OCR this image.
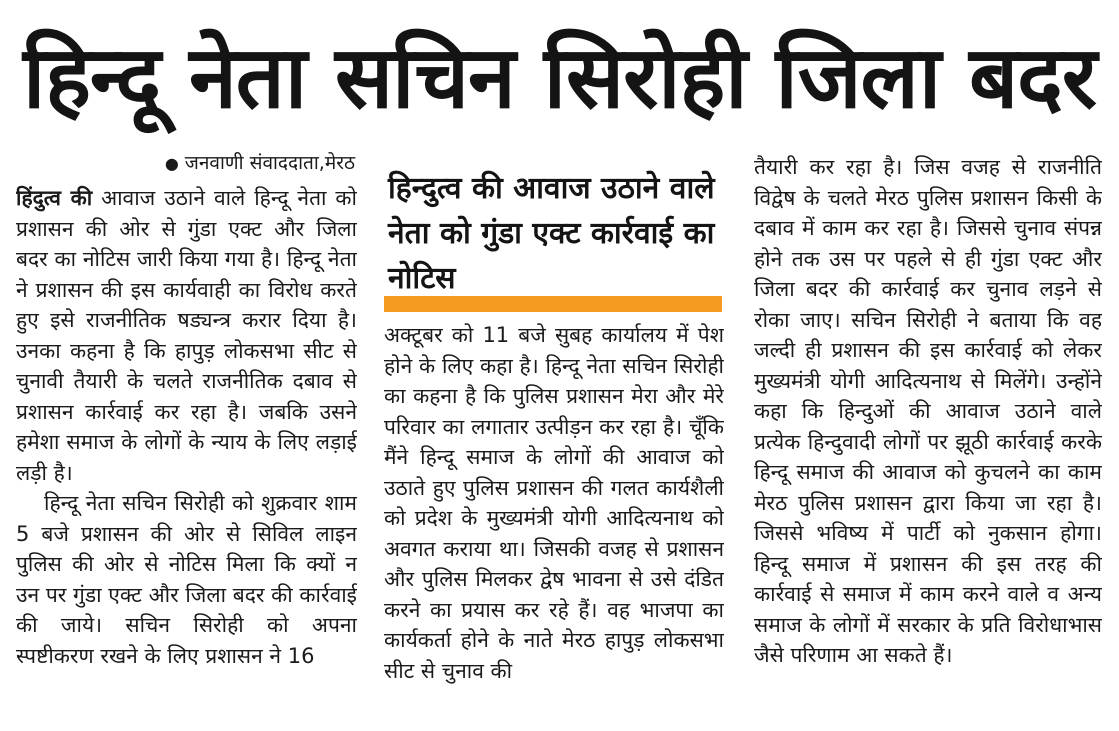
हिन्दू नेता सचिन सिरोही जिला बदर
● जनवाणी संवाददाता,मेरठ

हिंदुत्व की आवाज उठाने वाले हिन्दू नेता को प्रशासन की ओर से गुंडा एक्ट और जिला बदर का नोटिस जारी किया गया है। हिन्दू नेता ने प्रशासन की इस कार्यवाही का विरोध करते हुए इसे राजनीतिक षड्यन्त्र करार दिया है। उनका कहना है कि हापुड़ लोकसभा सीट से चुनावी तैयारी के चलते राजनीतिक दबाव से प्रशासन कार्रवाई कर रहा है। जबकि उसने हमेशा समाज के लोगों के न्याय के लिए लड़ाई लड़ी है।

हिन्दू नेता सचिन सिरोही को शुक्रवार शाम 5 बजे प्रशासन की ओर से सिविल लाइन पुलिस की ओर से नोटिस मिला कि क्यों न उन पर गुंडा एक्ट और जिला बदर की कार्रवाई की जाये। सचिन सिरोही को अपना स्पष्टीकरण रखने के लिए प्रशासन ने 16

हिन्दुत्व की आवाज उठाने वाले नेता को गुंडा एक्ट कार्रवाई का नोटिस

अक्टूबर को 11 बजे सुबह कार्यालय में पेश होने के लिए कहा है। हिन्दू नेता सचिन सिरोही का कहना है कि पुलिस प्रशासन मेरा और मेरे परिवार का लगातार उत्पीड़न कर रहा है। चूँकि मैंने हिन्दू समाज के लोगों की आवाज को उठाते हुए पुलिस प्रशासन की गलत कार्यशैली को प्रदेश के मुख्यमंत्री योगी आदित्यनाथ को अवगत कराया था। जिसकी वजह से प्रशासन और पुलिस मिलकर द्वेष भावना से उसे दंडित करने का प्रयास कर रहे हैं। वह भाजपा का कार्यकर्ता होने के नाते मेरठ हापुड़ लोकसभा सीट से चुनाव की

तैयारी कर रहा है। जिस वजह से राजनीति विद्वेष के चलते मेरठ पुलिस प्रशासन किसी के दबाव में काम कर रहा है। जिससे चुनाव संपन्न होने तक उस पर पहले से ही गुंडा एक्ट और जिला बदर की कार्रवाई कर चुनाव लड़ने से रोका जाए। सचिन सिरोही ने बताया कि वह जल्दी ही प्रशासन की इस कार्रवाई को लेकर मुख्यमंत्री योगी आदित्यनाथ से मिलेंगे। उन्होंने कहा कि हिन्दुओं की आवाज उठाने वाले प्रत्येक हिन्दुवादी लोगों पर झूठी कार्रवाई करके हिन्दू समाज की आवाज को कुचलने का काम मेरठ पुलिस प्रशासन द्वारा किया जा रहा है। जिससे भविष्य में पार्टी को नुकसान होगा। हिन्दू समाज में प्रशासन की इस तरह की कार्रवाई से समाज में काम करने वाले व अन्य समाज के लोगों में सरकार के प्रति विरोधाभास जैसे परिणाम आ सकते हैं।
